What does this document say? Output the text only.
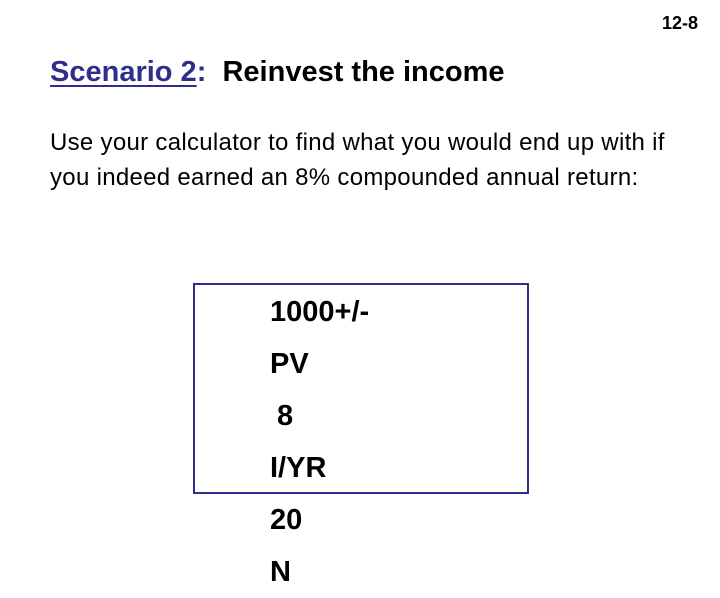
12-8
Scenario 2: Reinvest the income
Use your calculator to find what you would end up with if you indeed earned an 8% compounded annual return:
1000+/-
PV
8
I/YR
20
N
